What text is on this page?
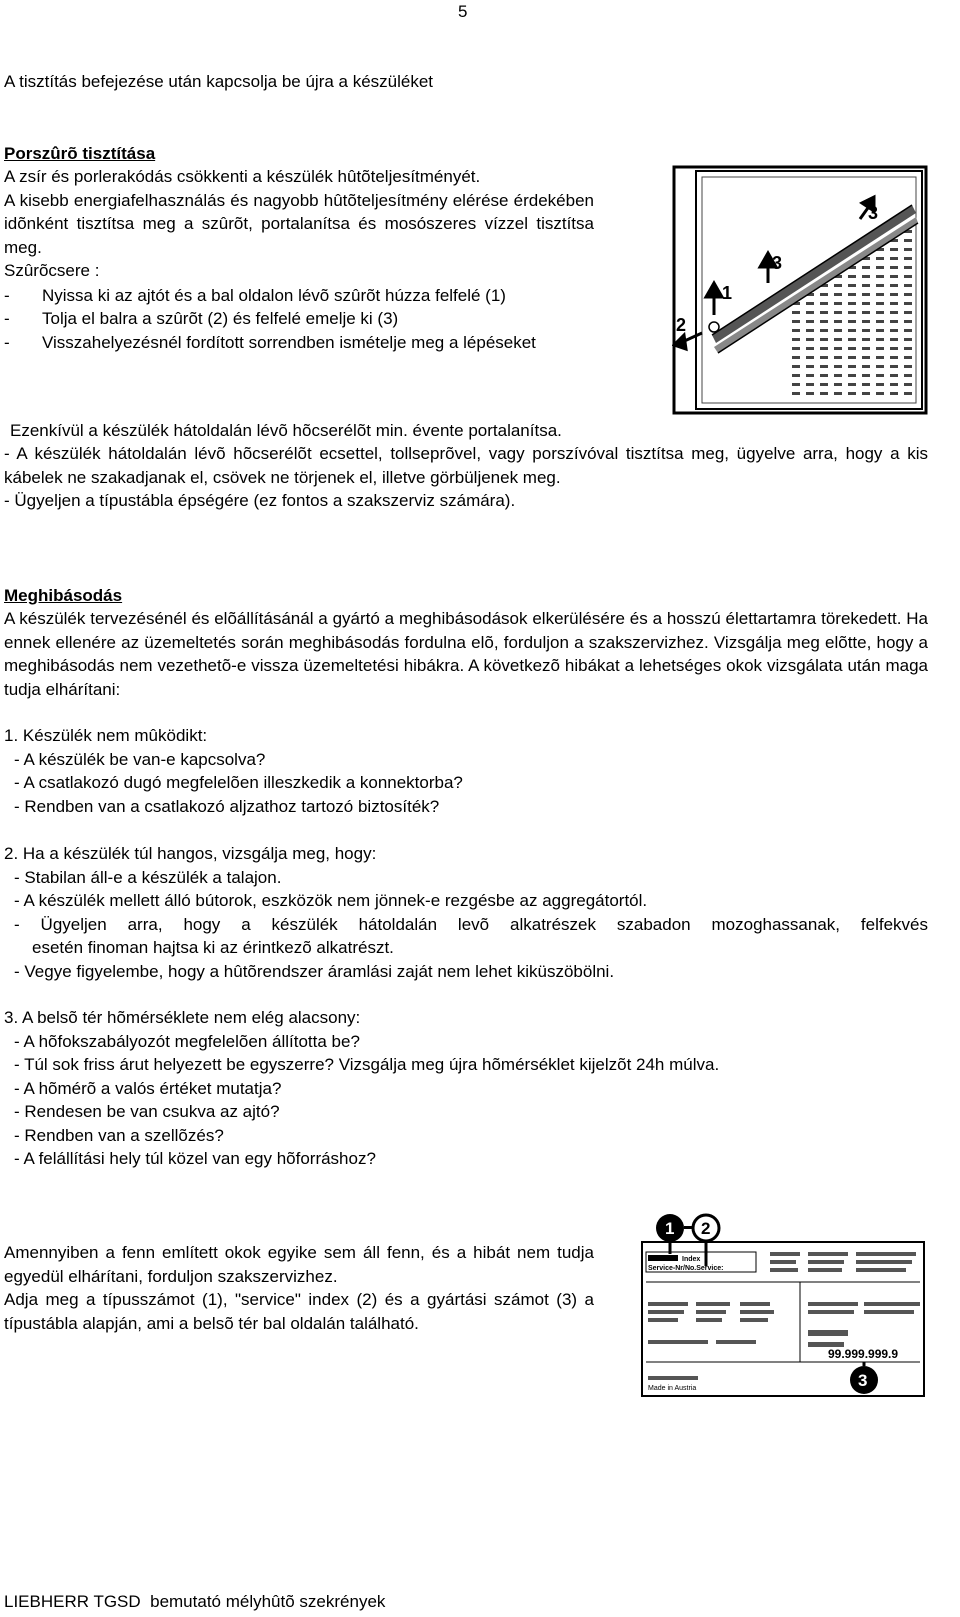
5
A tisztítás befejezése után kapcsolja be újra a készüléket
Porszûrõ tisztítása

A zsír és porlerakódás csökkenti a készülék hûtõteljesítményét.

A kisebb energiafelhasználás és nagyobb hûtõteljesítmény elérése érdekében idõnként tisztítsa meg a szûrõt, portalanítsa és mosószeres vízzel tisztítsa meg.

Szûrõcsere :

-	Nyissa ki az ajtót és a bal oldalon lévõ szûrõt húzza felfelé (1)
-	Tolja el balra a szûrõt (2) és felfelé emelje ki (3)
-	Visszahelyezésnél fordított sorrendben ismételje meg a lépéseket
1
2
3
3
Ezenkívül a készülék hátoldalán lévõ hõcserélõt min. évente portalanítsa.

- A készülék hátoldalán lévõ hõcserélõt ecsettel, tollseprõvel, vagy porszívóval tisztítsa meg, ügyelve arra, hogy a kis kábelek ne szakadjanak el, csövek ne törjenek el, illetve görbüljenek meg.

- Ügyeljen a típustábla épségére (ez fontos a szakszerviz számára).

Meghibásodás
A készülék tervezésénél és elõállításánál a gyártó a meghibásodások elkerülésére és a hosszú élettartamra törekedett. Ha ennek ellenére az üzemeltetés során meghibásodás fordulna elõ, forduljon a szakszervizhez. Vizsgálja meg elõtte, hogy a meghibásodás nem vezethetõ-e vissza üzemeltetési hibákra. A következõ hibákat a lehetséges okok vizsgálata után maga tudja elhárítani:

1. Készülék nem mûködikt:

- A készülék be van-e kapcsolva?

- A csatlakozó dugó megfelelõen illeszkedik a konnektorba?

- Rendben van a csatlakozó aljzathoz tartozó biztosíték?

2. Ha a készülék túl hangos, vizsgálja meg, hogy:

- Stabilan áll-e a készülék a talajon.

- A készülék mellett álló bútorok, eszközök nem jönnek-e rezgésbe az aggregátortól.

- Ügyeljen arra, hogy a készülék hátoldalán levõ alkatrészek szabadon mozoghassanak, felfekvés

esetén finoman hajtsa ki az érintkezõ alkatrészt.

- Vegye figyelembe, hogy a hûtõrendszer áramlási zaját nem lehet kiküszöbölni.

3. A belsõ tér hõmérséklete nem elég alacsony:

- A hõfokszabályozót megfelelõen állította be?

- Túl sok friss árut helyezett be egyszerre? Vizsgálja meg újra hõmérséklet kijelzõt 24h múlva.

- A hõmérõ a valós értéket mutatja?

- Rendesen be van csukva az ajtó?

- Rendben van a szellõzés?

- A felállítási hely túl közel van egy hõforráshoz?

Amennyiben a fenn említett okok egyike sem áll fenn, és a hibát nem tudja egyedül elhárítani, forduljon szakszervizhez.

Adja meg a típusszámot (1), "service" index (2) és a gyártási számot (3) a típustábla alapján, ami a belsõ tér bal oldalán található.

Index
Service-Nr/No.Service:
99.999.999.9
Made in Austria
1 2
3
LIEBHERR TGSD  bemutató mélyhûtõ szekrények
